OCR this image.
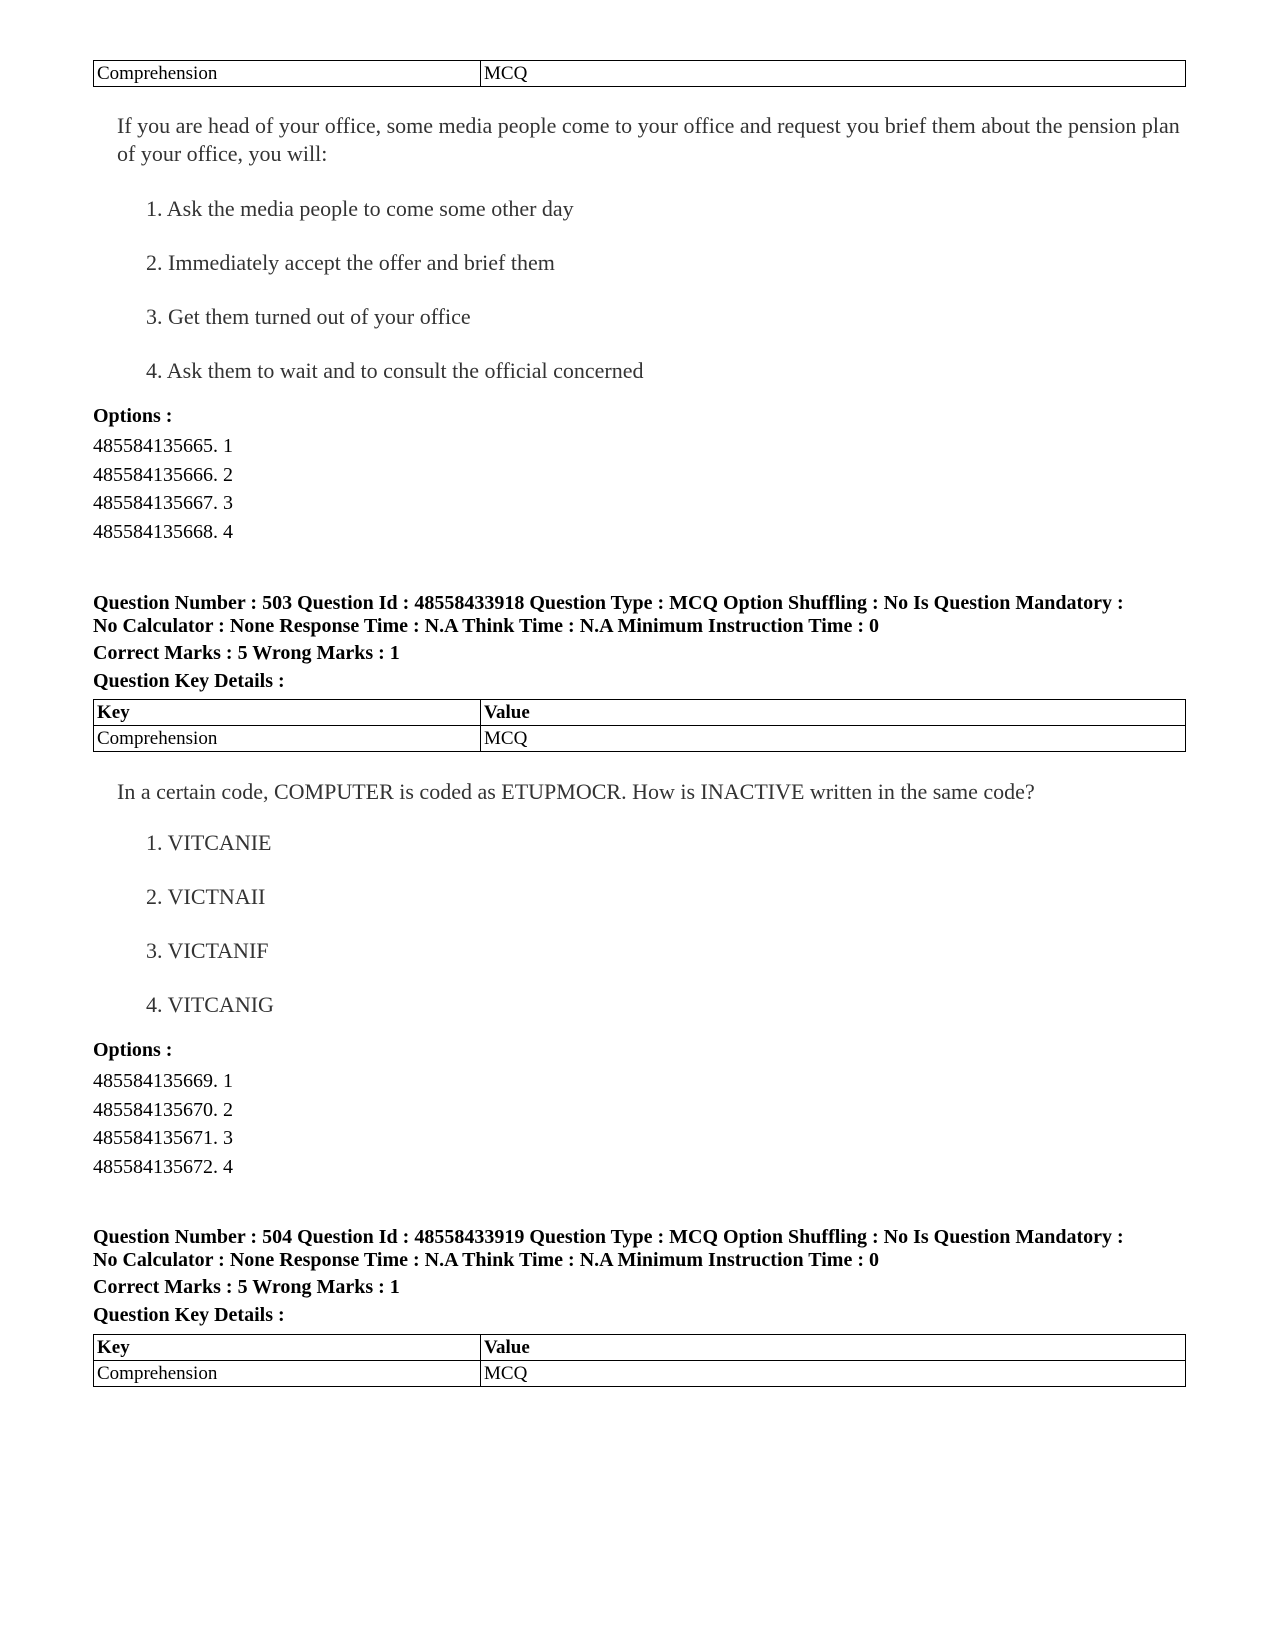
Comprehension	MCQ
If you are head of your office, some media people come to your office and request you brief them about the pension plan of your office, you will:
1. Ask the media people to come some other day
2. Immediately accept the offer and brief them
3. Get them turned out of your office
4. Ask them to wait and to consult the official concerned
Options :
485584135665. 1
485584135666. 2
485584135667. 3
485584135668. 4
Question Number : 503 Question Id : 48558433918 Question Type : MCQ Option Shuffling : No Is Question Mandatory :
No Calculator : None Response Time : N.A Think Time : N.A Minimum Instruction Time : 0
Correct Marks : 5 Wrong Marks : 1
Question Key Details :
Key	Value
Comprehension	MCQ
In a certain code, COMPUTER is coded as ETUPMOCR. How is INACTIVE written in the same code?
1. VITCANIE
2. VICTNAII
3. VICTANIF
4. VITCANIG
Options :
485584135669. 1
485584135670. 2
485584135671. 3
485584135672. 4
Question Number : 504 Question Id : 48558433919 Question Type : MCQ Option Shuffling : No Is Question Mandatory :
No Calculator : None Response Time : N.A Think Time : N.A Minimum Instruction Time : 0
Correct Marks : 5 Wrong Marks : 1
Question Key Details :
Key	Value
Comprehension	MCQ
